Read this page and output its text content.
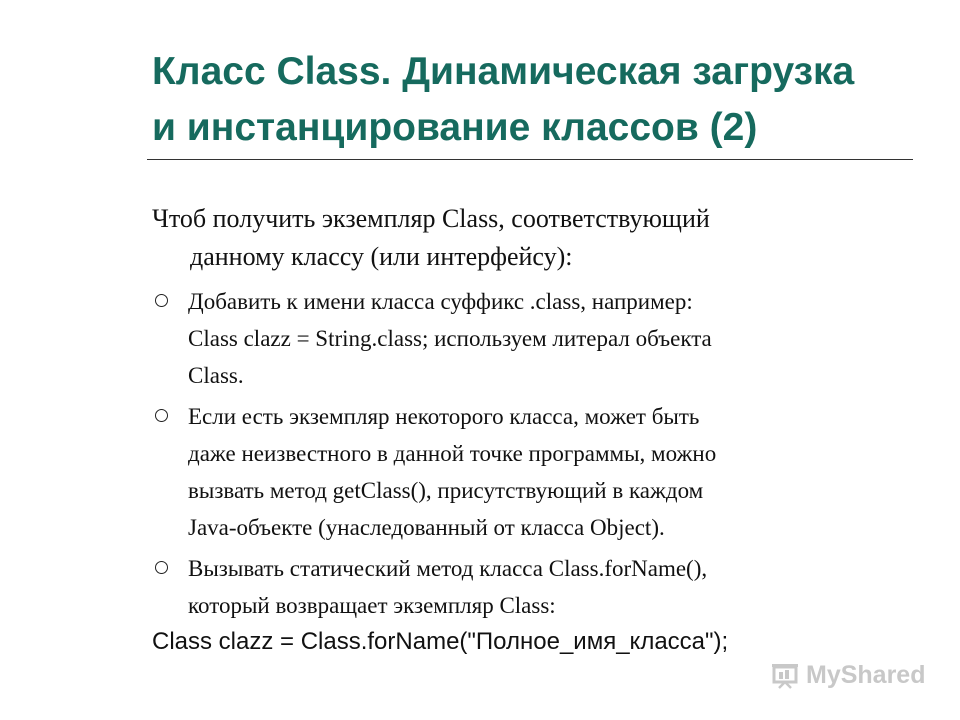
Класс Class. Динамическая загрузка
и инстанцирование классов (2)
Чтоб получить экземпляр Class, соответствующий
данному классу (или интерфейсу):
Добавить к имени класса суффикс .class, например:
Class clazz = String.class; используем литерал объекта
Class.
Если есть экземпляр некоторого класса, может быть
даже неизвестного в данной точке программы, можно
вызвать метод getClass(), присутствующий в каждом
Java-объекте (унаследованный от класса Object).
Вызывать статический метод класса Class.forName(),
который возвращает экземпляр Class:
Class clazz = Class.forName("Полное_имя_класса");
MyShared
